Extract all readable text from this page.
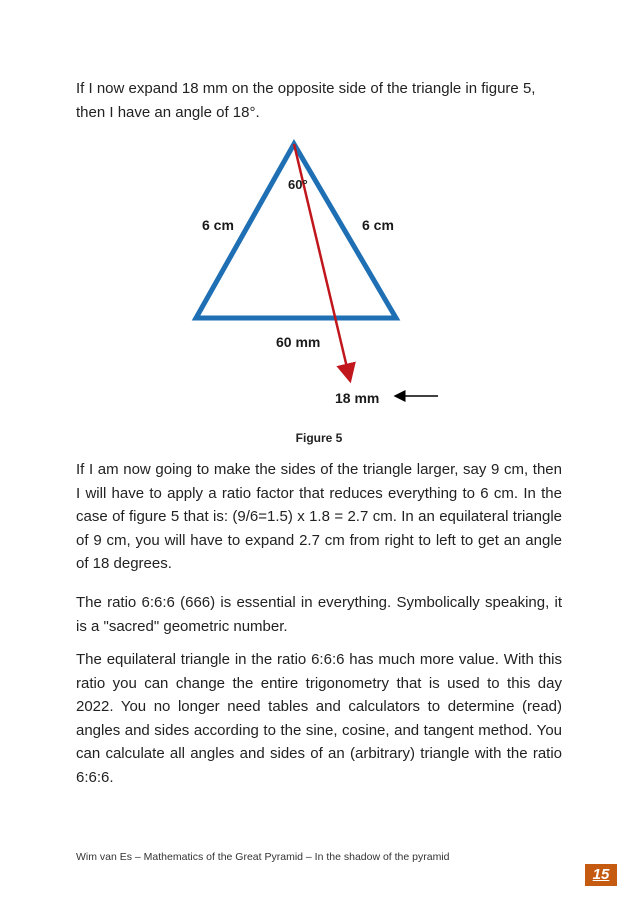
If I now expand 18 mm on the opposite side of the triangle in figure 5, then I have an angle of 18°.

60°
6 cm	6 cm
60 mm
18 mm
Figure 5

If I am now going to make the sides of the triangle larger, say 9 cm, then I will have to apply a ratio factor that reduces everything to 6 cm. In the case of figure 5 that is: (9/6=1.5) x 1.8 = 2.7 cm. In an equilateral triangle of 9 cm, you will have to expand 2.7 cm from right to left to get an angle of 18 degrees.

The ratio 6:6:6 (666) is essential in everything. Symbolically speaking, it is a "sacred" geometric number.

The equilateral triangle in the ratio 6:6:6 has much more value. With this ratio you can change the entire trigonometry that is used to this day 2022. You no longer need tables and calculators to determine (read) angles and sides according to the sine, cosine, and tangent method. You can calculate all angles and sides of an (arbitrary) triangle with the ratio 6:6:6.

Wim van Es – Mathematics of the Great Pyramid – In the shadow of the pyramid
15
